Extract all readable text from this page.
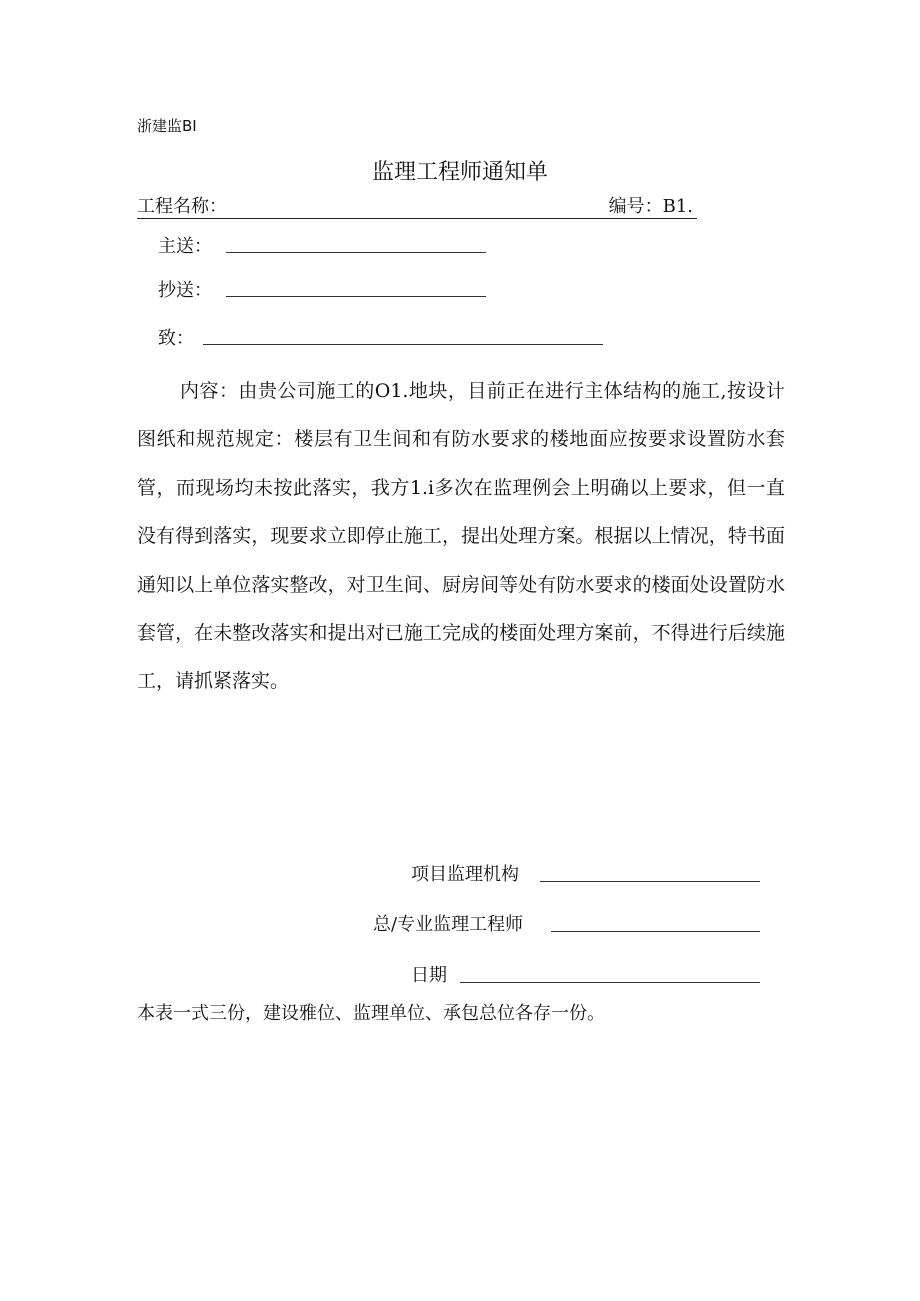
浙建监BI
监理工程师通知单
工程名称：	编号：B1.
主送：
抄送：
致：
内容：由贵公司施工的O1.地块，目前正在进行主体结构的施工,按设计图纸和规范规定：楼层有卫生间和有防水要求的楼地面应按要求设置防水套管，而现场均未按此落实，我方1.i多次在监理例会上明确以上要求，但一直没有得到落实，现要求立即停止施工，提出处理方案。根据以上情况，特书面通知以上单位落实整改，对卫生间、厨房间等处有防水要求的楼面处设置防水套管，在未整改落实和提出对已施工完成的楼面处理方案前，不得进行后续施工，请抓紧落实。
项目监理机构
总/专业监理工程师
日期
本表一式三份，建设雅位、监理单位、承包总位各存一份。
